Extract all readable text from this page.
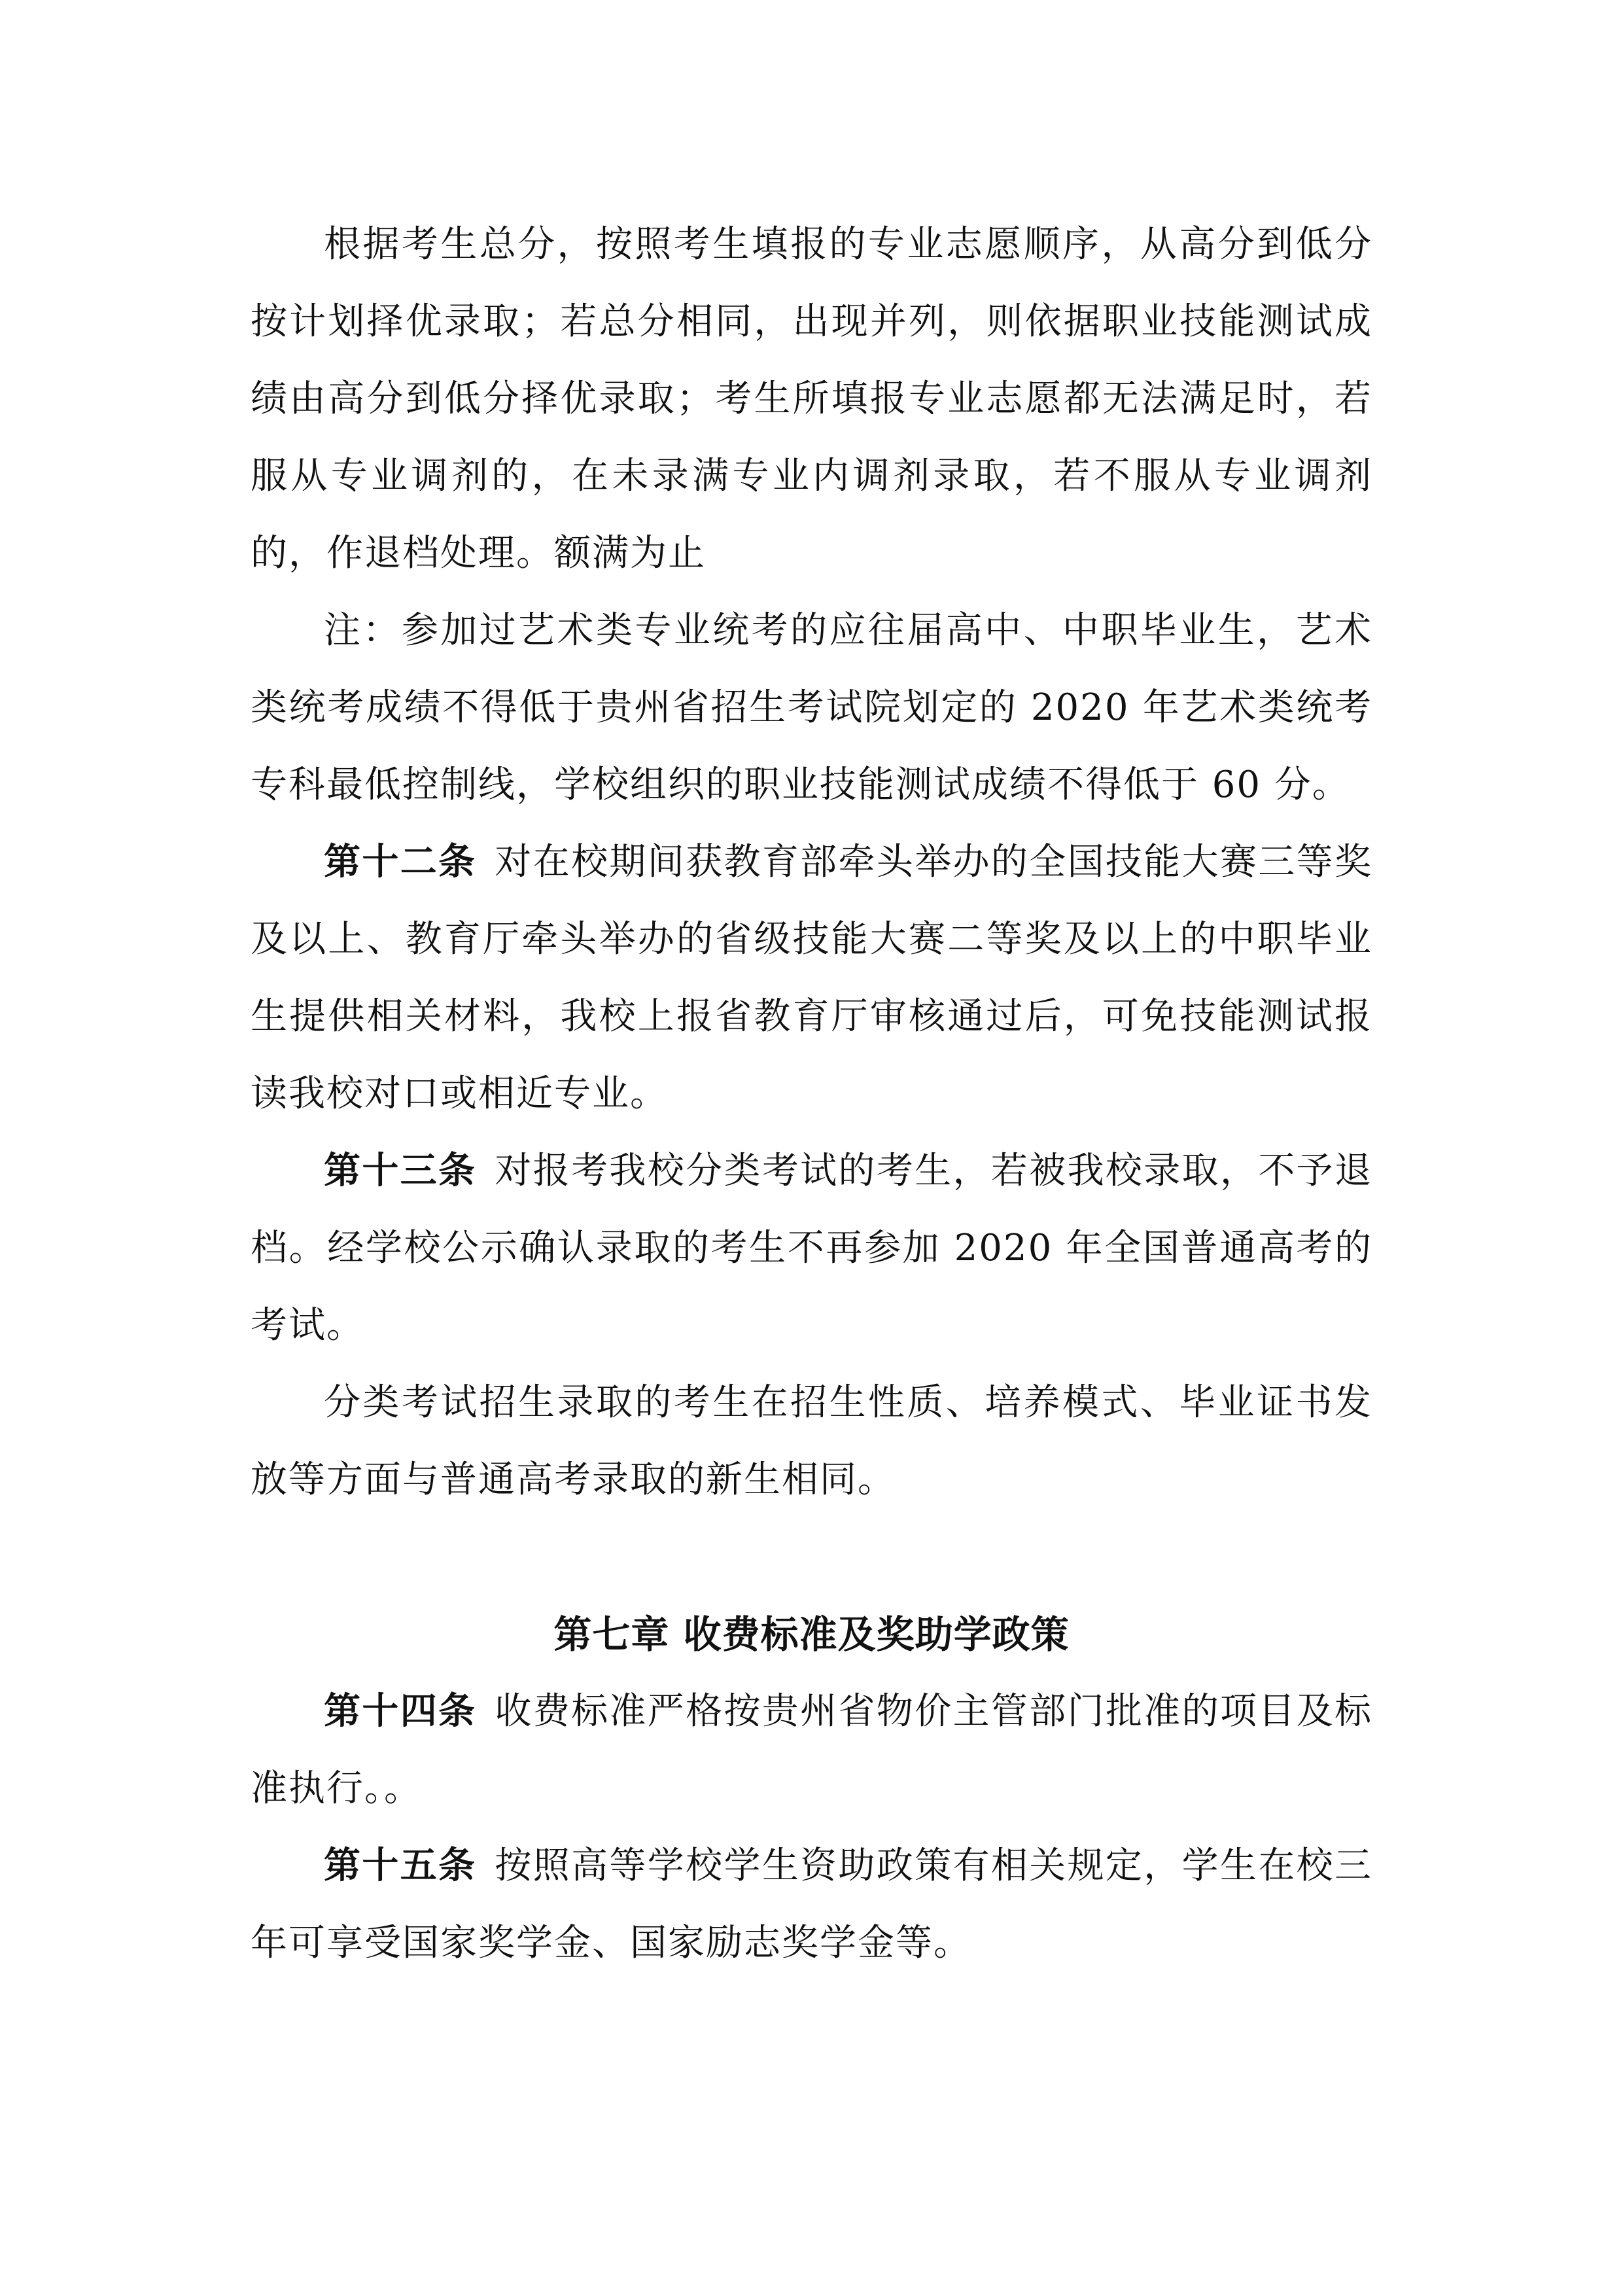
根据考生总分，按照考生填报的专业志愿顺序，从高分到低分按计划择优录取；若总分相同，出现并列，则依据职业技能测试成绩由高分到低分择优录取；考生所填报专业志愿都无法满足时，若服从专业调剂的，在未录满专业内调剂录取，若不服从专业调剂的，作退档处理。额满为止

注：参加过艺术类专业统考的应往届高中、中职毕业生，艺术类统考成绩不得低于贵州省招生考试院划定的 2020 年艺术类统考专科最低控制线，学校组织的职业技能测试成绩不得低于 60 分。

第十二条 对在校期间获教育部牵头举办的全国技能大赛三等奖及以上、教育厅牵头举办的省级技能大赛二等奖及以上的中职毕业生提供相关材料，我校上报省教育厅审核通过后，可免技能测试报读我校对口或相近专业。

第十三条 对报考我校分类考试的考生，若被我校录取，不予退档。经学校公示确认录取的考生不再参加 2020 年全国普通高考的考试。

分类考试招生录取的考生在招生性质、培养模式、毕业证书发放等方面与普通高考录取的新生相同。

第七章 收费标准及奖助学政策

第十四条 收费标准严格按贵州省物价主管部门批准的项目及标准执行。。

第十五条 按照高等学校学生资助政策有相关规定，学生在校三年可享受国家奖学金、国家励志奖学金等。
